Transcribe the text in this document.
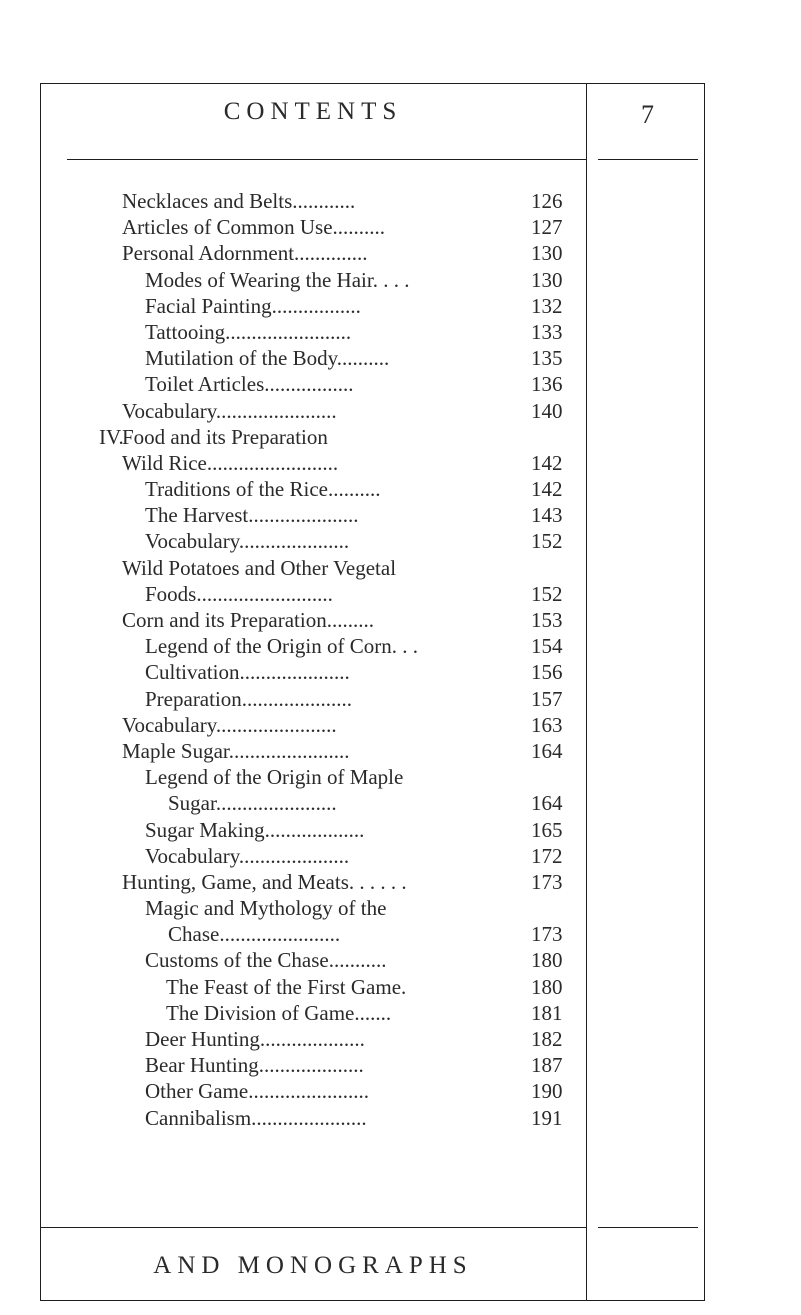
CONTENTS	7
Necklaces and Belts............	126
Articles of Common Use..........	127
Personal Adornment..............	130
Modes of Wearing the Hair. . . .	130
Facial Painting.................	132
Tattooing........................	133
Mutilation of the Body..........	135
Toilet Articles.................	136
Vocabulary.......................	140
IV.
Food and its Preparation
Wild Rice.........................	142
Traditions of the Rice..........	142
The Harvest.....................	143
Vocabulary.....................	152
Wild Potatoes and Other Vegetal
Foods..........................	152
Corn and its Preparation.........	153
Legend of the Origin of Corn. . .	154
Cultivation.....................	156
Preparation.....................	157
Vocabulary.......................	163
Maple Sugar.......................	164
Legend of the Origin of Maple
Sugar.......................	164
Sugar Making...................	165
Vocabulary.....................	172
Hunting, Game, and Meats. . . . . .	173
Magic and Mythology of the
Chase.......................	173
Customs of the Chase...........	180
The Feast of the First Game.	180
The Division of Game.......	181
Deer Hunting....................	182
Bear Hunting....................	187
Other Game.......................	190
Cannibalism......................	191
AND MONOGRAPHS
